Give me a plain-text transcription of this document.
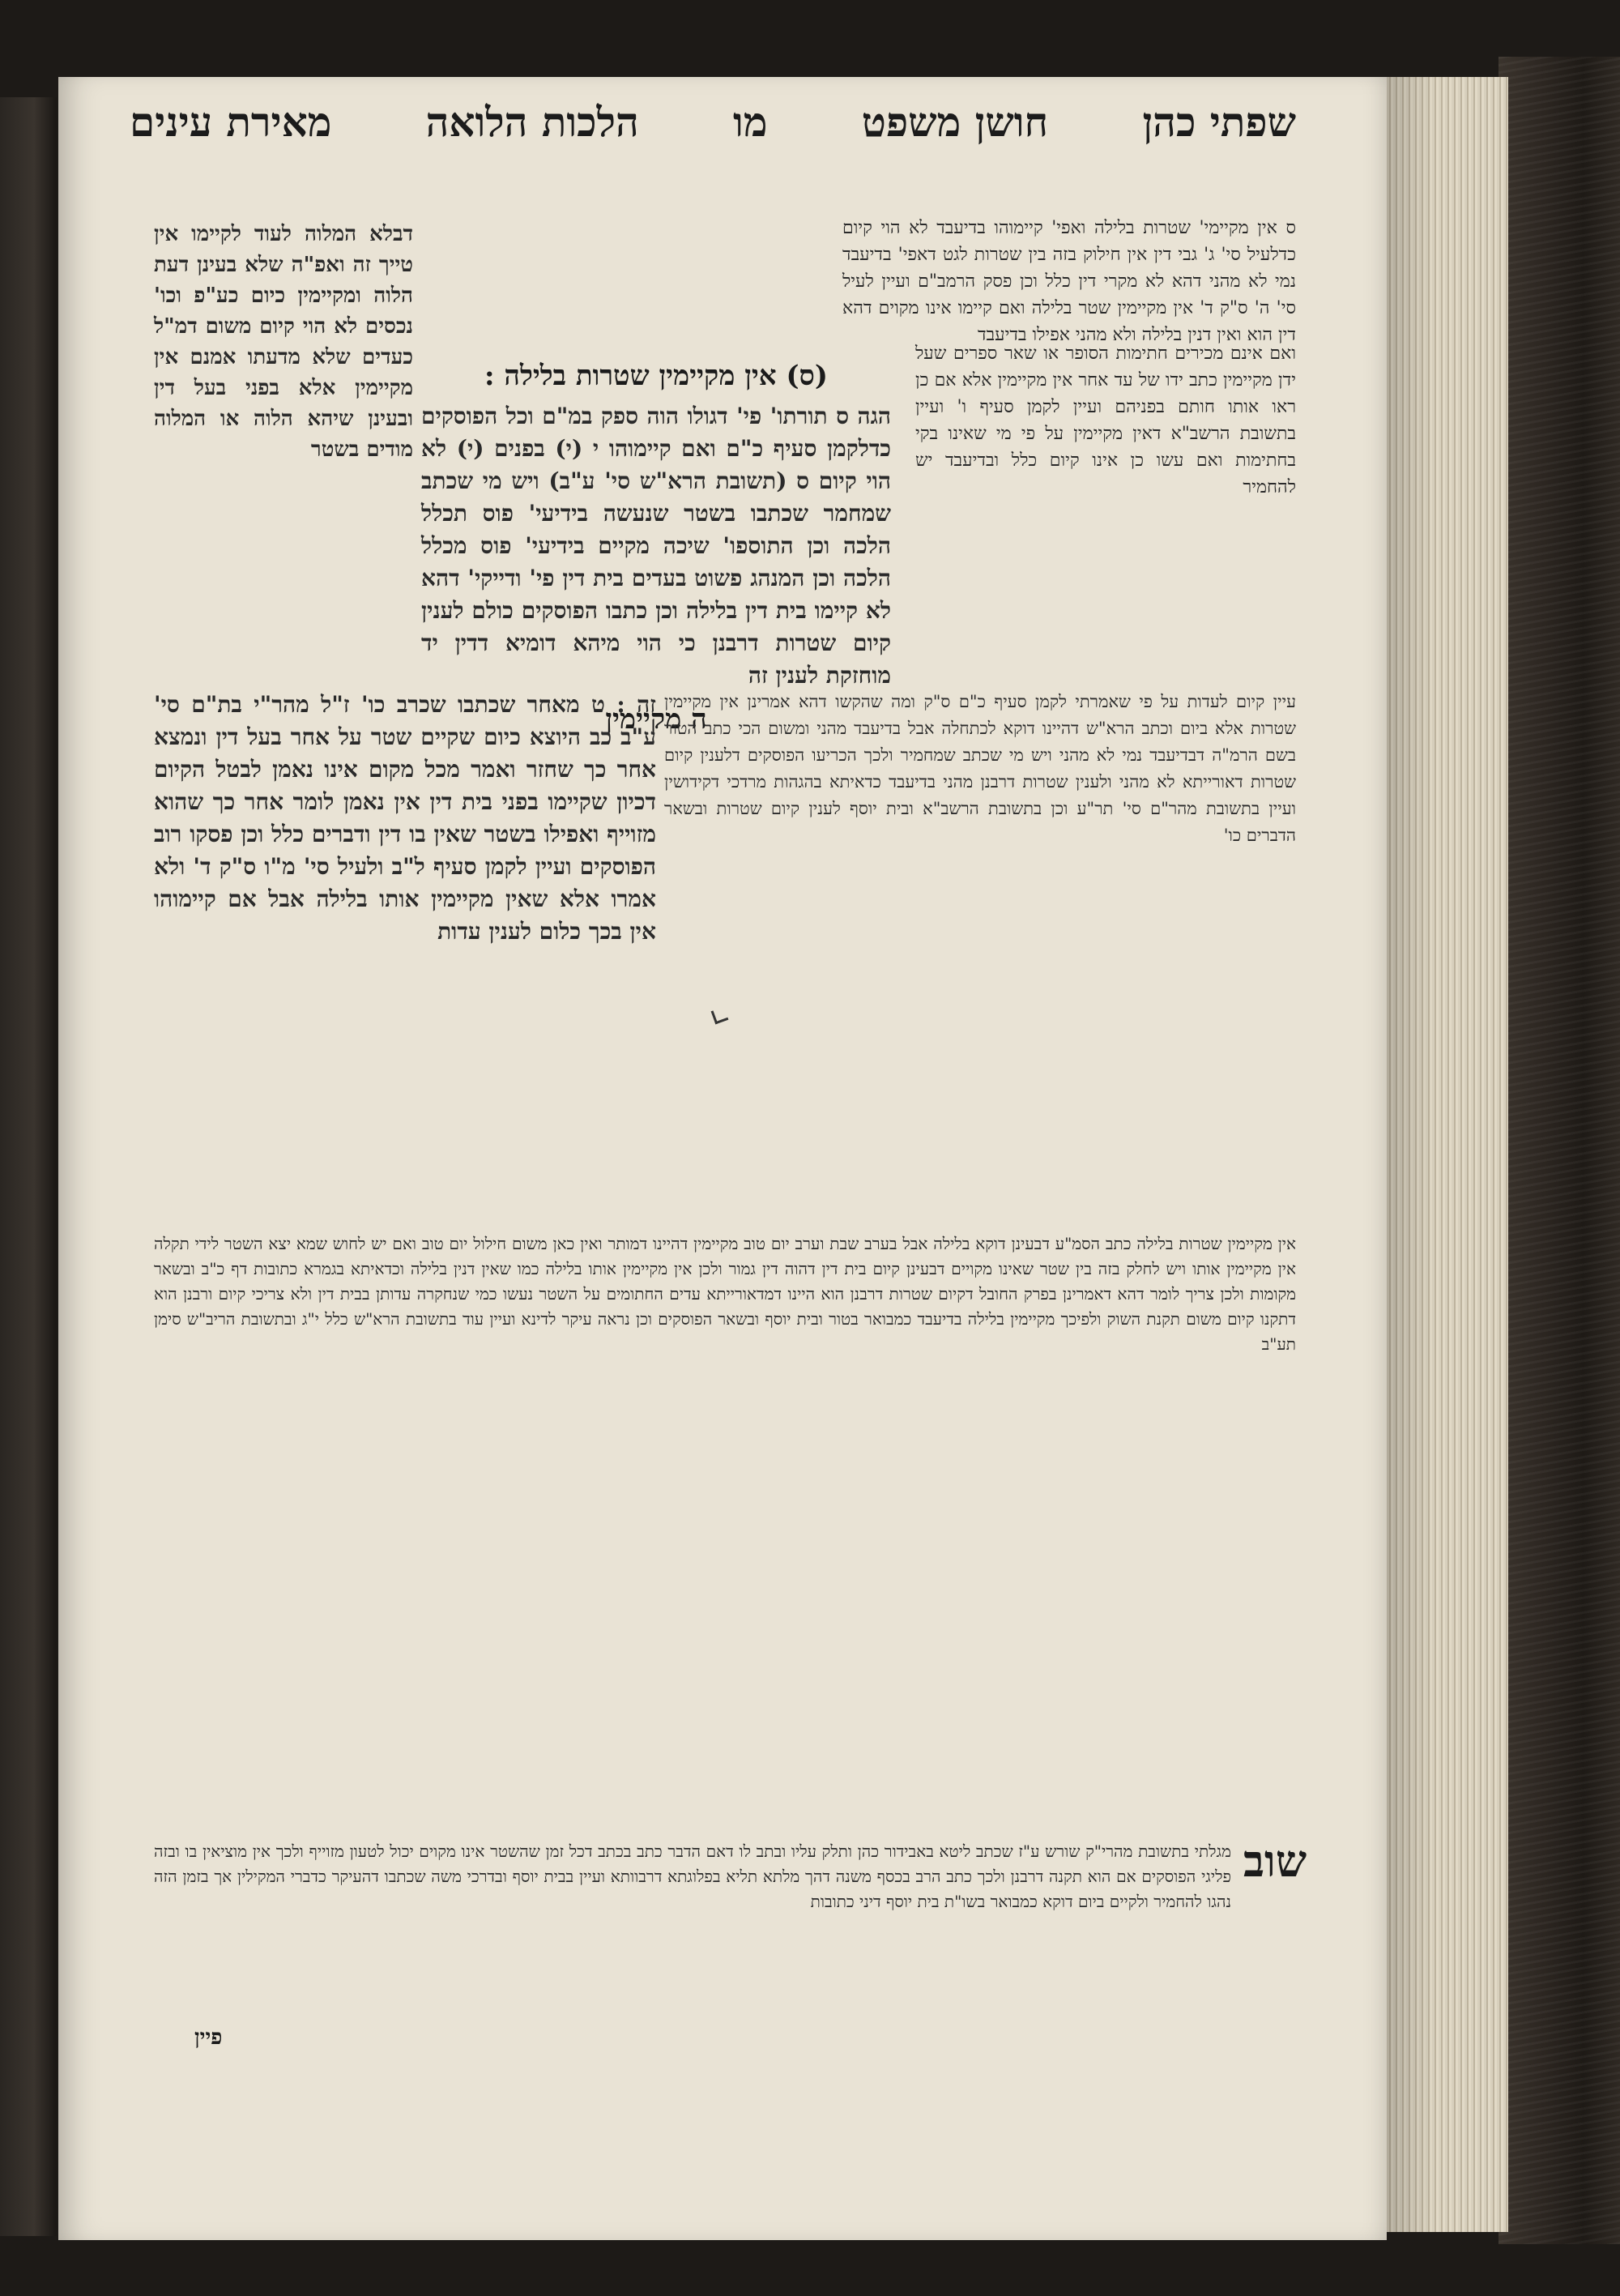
שפתי כהן
חושן משפט
מו
הלכות הלואה
מאירת עינים

ס אין מקיימי' שטרות בלילה ואפי' קיימוהו בדיעבד לא הוי קיום כדלעיל סי' ג' גבי דין אין חילוק בזה בין שטרות לגט דאפי' בדיעבד נמי לא מהני דהא לא מקרי דין כלל וכן פסק הרמב"ם ועיין לעיל סי' ה' ס"ק ד' אין מקיימין שטר בלילה ואם קיימו אינו מקוים דהא דין הוא ואין דנין בלילה ולא מהני אפילו בדיעבד

דבלא המלוה לעוד לקיימו אין טייך זה ואפ"ה שלא בעינן דעת הלוה ומקיימין כיום כע"פ וכו' נכסים לא הוי קיום משום דמ"ל כעדים שלא מדעתו אמנם אין מקיימין אלא בפני בעל דין ובעינן שיהא הלוה או המלוה מודים בשטר

(ס) אין מקיימין שטרות בלילה :

הגה ס תורתו' פי' דגולו הוה ספק במ"ם וכל הפוסקים כדלקמן סעיף כ"ם ואם קיימוהו י (י) בפנים (י) לא הוי קיום ס (תשובת הרא"ש סי' ע"ב) ויש מי שכתב שמחמר שכתבו בשטר שנעשה בידיעי' פוס תכלל הלכה וכן התוספו' שיכה מקיים בידיעי' פוס מכלל הלכה וכן המנהג פשוט בעדים בית דין פי' ודייקי' דהא לא קיימו בית דין בלילה וכן כתבו הפוסקים כולם לענין קיום שטרות דרבנן כי הוי מיהא דומיא דדין יד מוחזקת לענין זה

ה מקיימין

ואם אינם מכירים חתימות הסופר או שאר ספרים שעל ידן מקיימין כתב ידו של עד אחר אין מקיימין אלא אם כן ראו אותו חותם בפניהם ועיין לקמן סעיף ו' ועיין בתשובת הרשב"א דאין מקיימין על פי מי שאינו בקי בחתימות ואם עשו כן אינו קיום כלל ובדיעבד יש להחמיר

זה : ט מאחר שכתבו שכרב כו' ז"ל מהר"י בת"ם סי' ע"ב כב היוצא כיום שקיים שטר על אחר בעל דין ונמצא אחר כך שחזר ואמר מכל מקום אינו נאמן לבטל הקיום דכיון שקיימו בפני בית דין אין נאמן לומר אחר כך שהוא מזוייף ואפילו בשטר שאין בו דין ודברים כלל וכן פסקו רוב הפוסקים ועיין לקמן סעיף ל"ב ולעיל סי' מ"ו ס"ק ד' ולא אמרו אלא שאין מקיימין אותו בלילה אבל אם קיימוהו אין בכך כלום לענין עדות

עיין קיום לעדות על פי שאמרתי לקמן סעיף כ"ם ס"ק ומה שהקשו דהא אמרינן אין מקיימין שטרות אלא ביום וכתב הרא"ש דהיינו דוקא לכתחלה אבל בדיעבד מהני ומשום הכי כתב הטור בשם הרמ"ה דבדיעבד נמי לא מהני ויש מי שכתב שמחמיר ולכך הכריעו הפוסקים דלענין קיום שטרות דאורייתא לא מהני ולענין שטרות דרבנן מהני בדיעבד כדאיתא בהגהות מרדכי דקידושין ועיין בתשובת מהר"ם סי' תר"ע וכן בתשובת הרשב"א ובית יוסף לענין קיום שטרות ובשאר הדברים כו'

אין מקיימין שטרות בלילה כתב הסמ"ע דבעינן דוקא בלילה אבל בערב שבת וערב יום טוב מקיימין דהיינו דמותר ואין כאן משום חילול יום טוב ואם יש לחוש שמא יצא השטר לידי תקלה אין מקיימין אותו ויש לחלק בזה בין שטר שאינו מקויים דבעינן קיום בית דין דהוה דין גמור ולכן אין מקיימין אותו בלילה כמו שאין דנין בלילה וכדאיתא בגמרא כתובות דף כ"ב ובשאר מקומות ולכן צריך לומר דהא דאמרינן בפרק החובל דקיום שטרות דרבנן הוא היינו דמדאורייתא עדים החתומים על השטר נעשו כמי שנחקרה עדותן בבית דין ולא צריכי קיום ורבנן הוא דתקנו קיום משום תקנת השוק ולפיכך מקיימין בלילה בדיעבד כמבואר בטור ובית יוסף ובשאר הפוסקים וכן נראה עיקר לדינא ועיין עוד בתשובת הרא"ש כלל י"ג ובתשובת הריב"ש סימן תע"ב

שוב

מגלתי בתשובת מהרי"ק שורש ע"ז שכתב ליטא באבידור כהן ותלק עליו ובתב לו דאם הדבר כתב בכתב דכל זמן שהשטר אינו מקוים יכול לטעון מזוייף ולכך אין מוציאין בו ובזה פליגי הפוסקים אם הוא תקנה דרבנן ולכך כתב הרב בכסף משנה דהך מלתא תליא בפלוגתא דרבוותא ועיין בבית יוסף ובדרכי משה שכתבו דהעיקר כדברי המקילין אך בזמן הזה נהגו להחמיר ולקיים ביום דוקא כמבואר בשו"ת בית יוסף דיני כתובות

פיין
